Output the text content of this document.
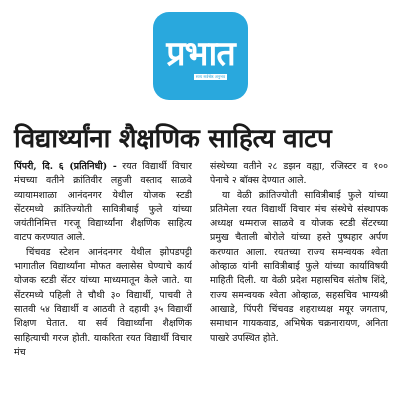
प्रभात
सत्य सर्वश्रेष्ठ अनुभव
विद्यार्थ्यांना शैक्षणिक साहित्य वाटप

पिंपरी, दि. ६ (प्रतिनिधी) - रयत विद्यार्थी विचार मंचच्या वतीने क्रांतिवीर लहुजी वस्ताद साळवे व्यायामशाळा आनंदनगर येथील योजक स्टडी सेंटरमध्ये क्रांतिज्योती सावित्रीबाई फुले यांच्या जयंतीनिमित्त गरजू विद्यार्थ्यांना शैक्षणिक साहित्य वाटप करण्यात आले.

चिंचवड स्टेशन आनंदनगर येथील झोपडपट्टी भागातील विद्यार्थ्यांना मोफत क्लासेस घेण्याचे कार्य योजक स्टडी सेंटर यांच्या माध्यमातून केले जाते. या सेंटरमध्ये पहिली ते चौथी ३० विद्यार्थी, पाचवी ते सातवी ५४ विद्यार्थी व आठवी ते दहावी ३५ विद्यार्थी शिक्षण घेतात. या सर्व विद्यार्थ्यांना शैक्षणिक साहित्याची गरज होती. याकरिता रयत विद्यार्थी विचार मंच

संस्थेच्या वतीने २८ डझन वह्या, रजिस्टर व १०० पेनाचे २ बॉक्स देण्यात आले.

या वेळी क्रांतिज्योती सावित्रीबाई फुले यांच्या प्रतिमेला रयत विद्यार्थी विचार मंच संस्थेचे संस्थापक अध्यक्ष धम्मराज साळवे व योजक स्टडी सेंटरच्या प्रमुख चैताली बोरोले यांच्या हस्ते पुष्पहार अर्पण करण्यात आला. रयतच्या राज्य समन्वयक श्वेता ओव्हाळ यांनी सावित्रीबाई फुले यांच्या कार्याविषयी माहिती दिली. या वेळी प्रदेश महासचिव संतोष शिंदे, राज्य समन्वयक श्वेता ओव्हाळ, सहसचिव भाग्यश्री आखाडे, पिंपरी चिंचवड शहराध्यक्ष मयूर जगताप, समाधान गायकवाड, अभिषेक चक्रनारायण, अनिता पाखरे उपस्थित होते.
